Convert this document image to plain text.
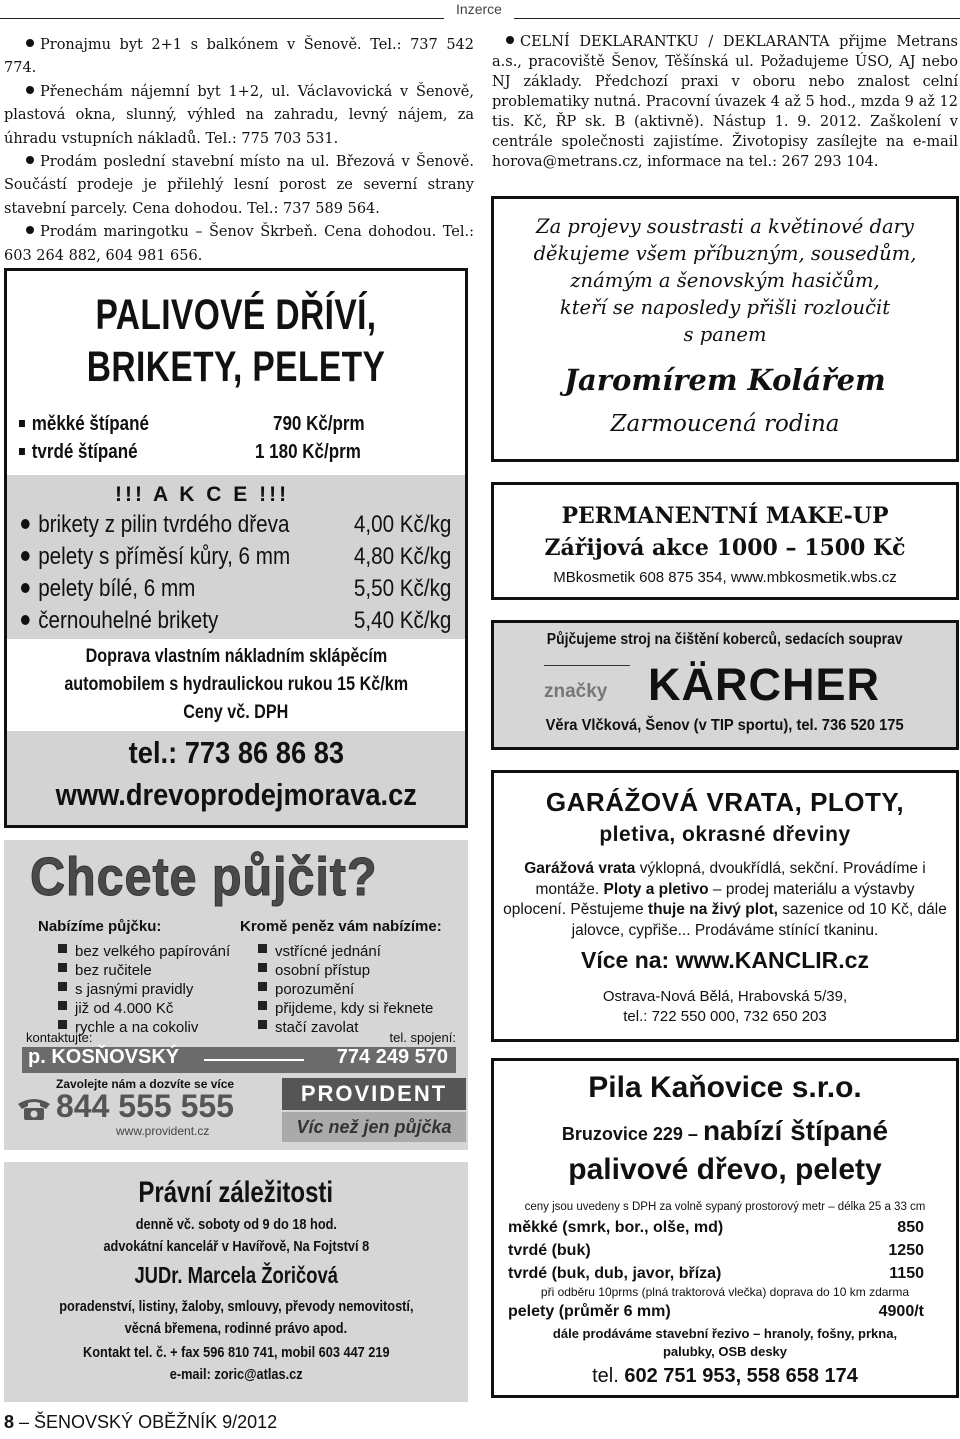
Inzerce

Pronajmu byt 2+1 s balkónem v Šenově. Tel.: 737 542 774.

Přenechám nájemní byt 1+2, ul. Václavovická v Šenově, plastová okna, slunný, výhled na zahradu, levný nájem, za úhradu vstupních nákladů. Tel.: 775 703 531.

Prodám poslední stavební místo na ul. Březová v Šenově. Součástí prodeje je přilehlý lesní porost ze severní strany stavební parcely. Cena dohodou. Tel.: 737 589 564.

Prodám maringotku – Šenov Škrbeň. Cena dohodou. Tel.: 603 264 882, 604 981 656.

CELNÍ DEKLARANTKU / DEKLARANTA přijme Metrans a.s., pracoviště Šenov, Těšínská ul. Požadujeme ÚSO, AJ nebo NJ základy. Předchozí praxi v oboru nebo znalost celní problematiky nutná. Pracovní úvazek 4 až 5 hod., mzda 9 až 12 tis. Kč, ŘP sk. B (aktivně). Nástup 1. 9. 2012. Zaškolení v centrále společnosti zajistíme. Životopisy zasílejte na e-mail horova@metrans.cz, informace na tel.: 267 293 104.

PALIVOVÉ DŘÍVÍ,
BRIKETY, PELETY
měkké štípané	790 Kč/prm
tvrdé štípané	1 180 Kč/prm
!!! A K C E !!!
brikety z pilin tvrdého dřeva	4,00 Kč/kg
pelety s příměsí kůry, 6 mm	4,80 Kč/kg
pelety bílé, 6 mm	5,50 Kč/kg
černouhelné brikety	5,40 Kč/kg
Doprava vlastním nákladním sklápěcím
automobilem s hydraulickou rukou 15 Kč/km
Ceny vč. DPH
tel.: 773 86 86 83
www.drevoprodejmorava.cz
Chcete půjčit?
Nabízíme půjčku:	Kromě peněz vám nabízíme:
bez velkého papírování
bez ručitele
s jasnými pravidly
již od 4.000 Kč
rychle a na cokoliv
vstřícné jednání
osobní přístup
porozumění
přijdeme, kdy si řeknete
stačí zavolat
kontaktujte:	tel. spojení:
p. KOSŇOVSKÝ	774 249 570
Zavolejte nám a dozvíte se více
844 555 555
www.provident.cz
PROVIDENT
Víc než jen půjčka
Právní záležitosti
denně vč. soboty od 9 do 18 hod.
advokátní kancelář v Havířově, Na Fojtství 8
JUDr. Marcela Žoričová
poradenství, listiny, žaloby, smlouvy, převody nemovitostí,
věcná břemena, rodinné právo apod.
Kontakt tel. č. + fax 596 810 741, mobil 603 447 219
e-mail: zoric@atlas.cz
8 – ŠENOVSKÝ OBĚŽNÍK 9/2012
Za projevy soustrasti a květinové dary
děkujeme všem příbuzným, sousedům,
známým a šenovským hasičům,
kteří se naposledy přišli rozloučit
s panem
Jaromírem Kolářem
Zarmoucená rodina
PERMANENTNÍ MAKE-UP
Zářijová akce 1000 – 1500 Kč
MBkosmetik 608 875 354, www.mbkosmetik.wbs.cz
Půjčujeme stroj na čištění koberců, sedacích souprav
značky KÄRCHER
Věra Vlčková, Šenov (v TIP sportu), tel. 736 520 175
GARÁŽOVÁ VRATA, PLOTY,
pletiva, okrasné dřeviny
Garážová vrata výklopná, dvoukřídlá, sekční. Provádíme i montáže. Ploty a pletivo – prodej materiálu a výstavby oplocení. Pěstujeme thuje na živý plot, sazenice od 10 Kč, dále jalovce, cypřiše... Prodáváme stínící tkaninu.
Více na: www.KANCLIR.cz
Ostrava-Nová Bělá, Hrabovská 5/39,
tel.: 722 550 000, 732 650 203
Pila Kaňovice s.r.o.
Bruzovice 229 – nabízí štípané
palivové dřevo, pelety
ceny jsou uvedeny s DPH za volně sypaný prostorový metr – délka 25 a 33 cm
měkké (smrk, bor., olše, md)	850
tvrdé (buk)	1250
tvrdé (buk, dub, javor, bříza)	1150
při odběru 10prms (plná traktorová vlečka) doprava do 10 km zdarma
pelety (průměr 6 mm)	4900/t
dále prodáváme stavební řezivo – hranoly, fošny, prkna,
palubky, OSB desky
tel. 602 751 953, 558 658 174
